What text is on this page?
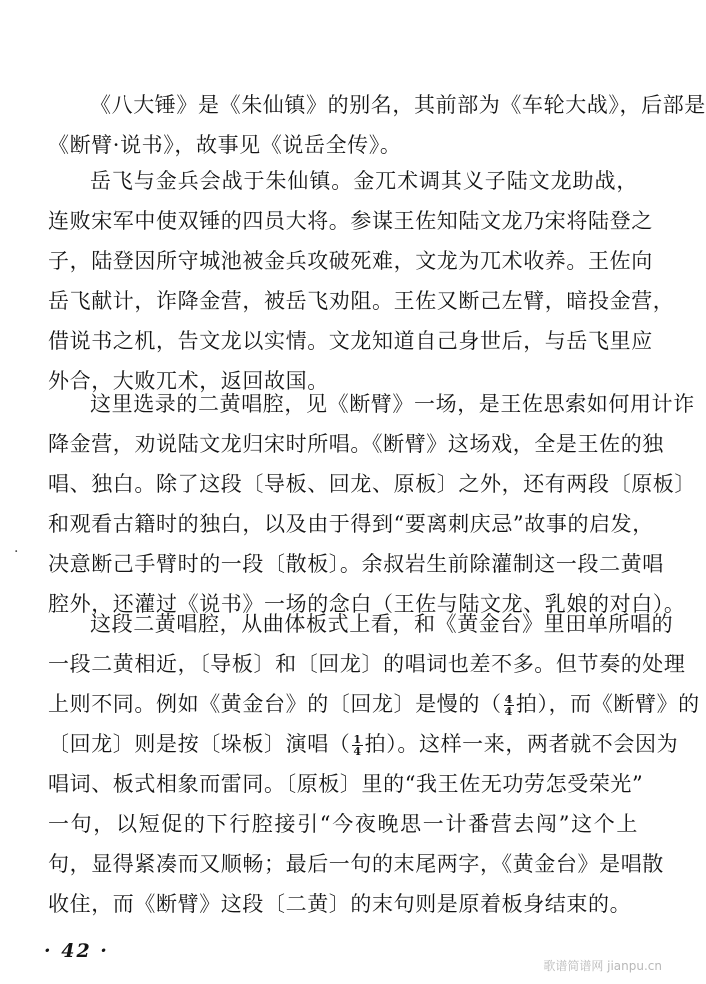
《八大锤》是《朱仙镇》的别名，其前部为《车轮大战》，后部是
《断臂·说书》，故事见《说岳全传》。
岳飞与金兵会战于朱仙镇。金兀术调其义子陆文龙助战，
连败宋军中使双锤的四员大将。参谋王佐知陆文龙乃宋将陆登之
子，陆登因所守城池被金兵攻破死难，文龙为兀术收养。王佐向
岳飞献计，诈降金营，被岳飞劝阻。王佐又断己左臂，暗投金营，
借说书之机，告文龙以实情。文龙知道自己身世后，与岳飞里应
外合，大败兀术，返回故国。
这里选录的二黄唱腔，见《断臂》一场，是王佐思索如何用计诈
降金营，劝说陆文龙归宋时所唱。《断臂》这场戏，全是王佐的独
唱、独白。除了这段〔导板、回龙、原板〕之外，还有两段〔原板〕
和观看古籍时的独白，以及由于得到“要离刺庆忌”故事的启发，
决意断己手臂时的一段〔散板〕。余叔岩生前除灌制这一段二黄唱
腔外，还灌过《说书》一场的念白（王佐与陆文龙、乳娘的对白）。
这段二黄唱腔，从曲体板式上看，和《黄金台》里田单所唱的
一段二黄相近，〔导板〕和〔回龙〕的唱词也差不多。但节奏的处理
上则不同。例如《黄金台》的〔回龙〕是慢的（ $\frac{4}{4}$ 拍），而《断臂》的
〔回龙〕则是按〔垛板〕演唱（ $\frac{1}{4}$ 拍）。这样一来，两者就不会因为
唱词、板式相象而雷同。〔原板〕里的“我王佐无功劳怎受荣光”
一句，以短促的下行腔接引“今夜晚思一计番营去闯”这个上
句，显得紧凑而又顺畅；最后一句的末尾两字，《黄金台》是唱散
收住，而《断臂》这段〔二黄〕的末句则是原着板身结束的。
·
· 42 ·
歌谱简谱网 jianpu.cn
